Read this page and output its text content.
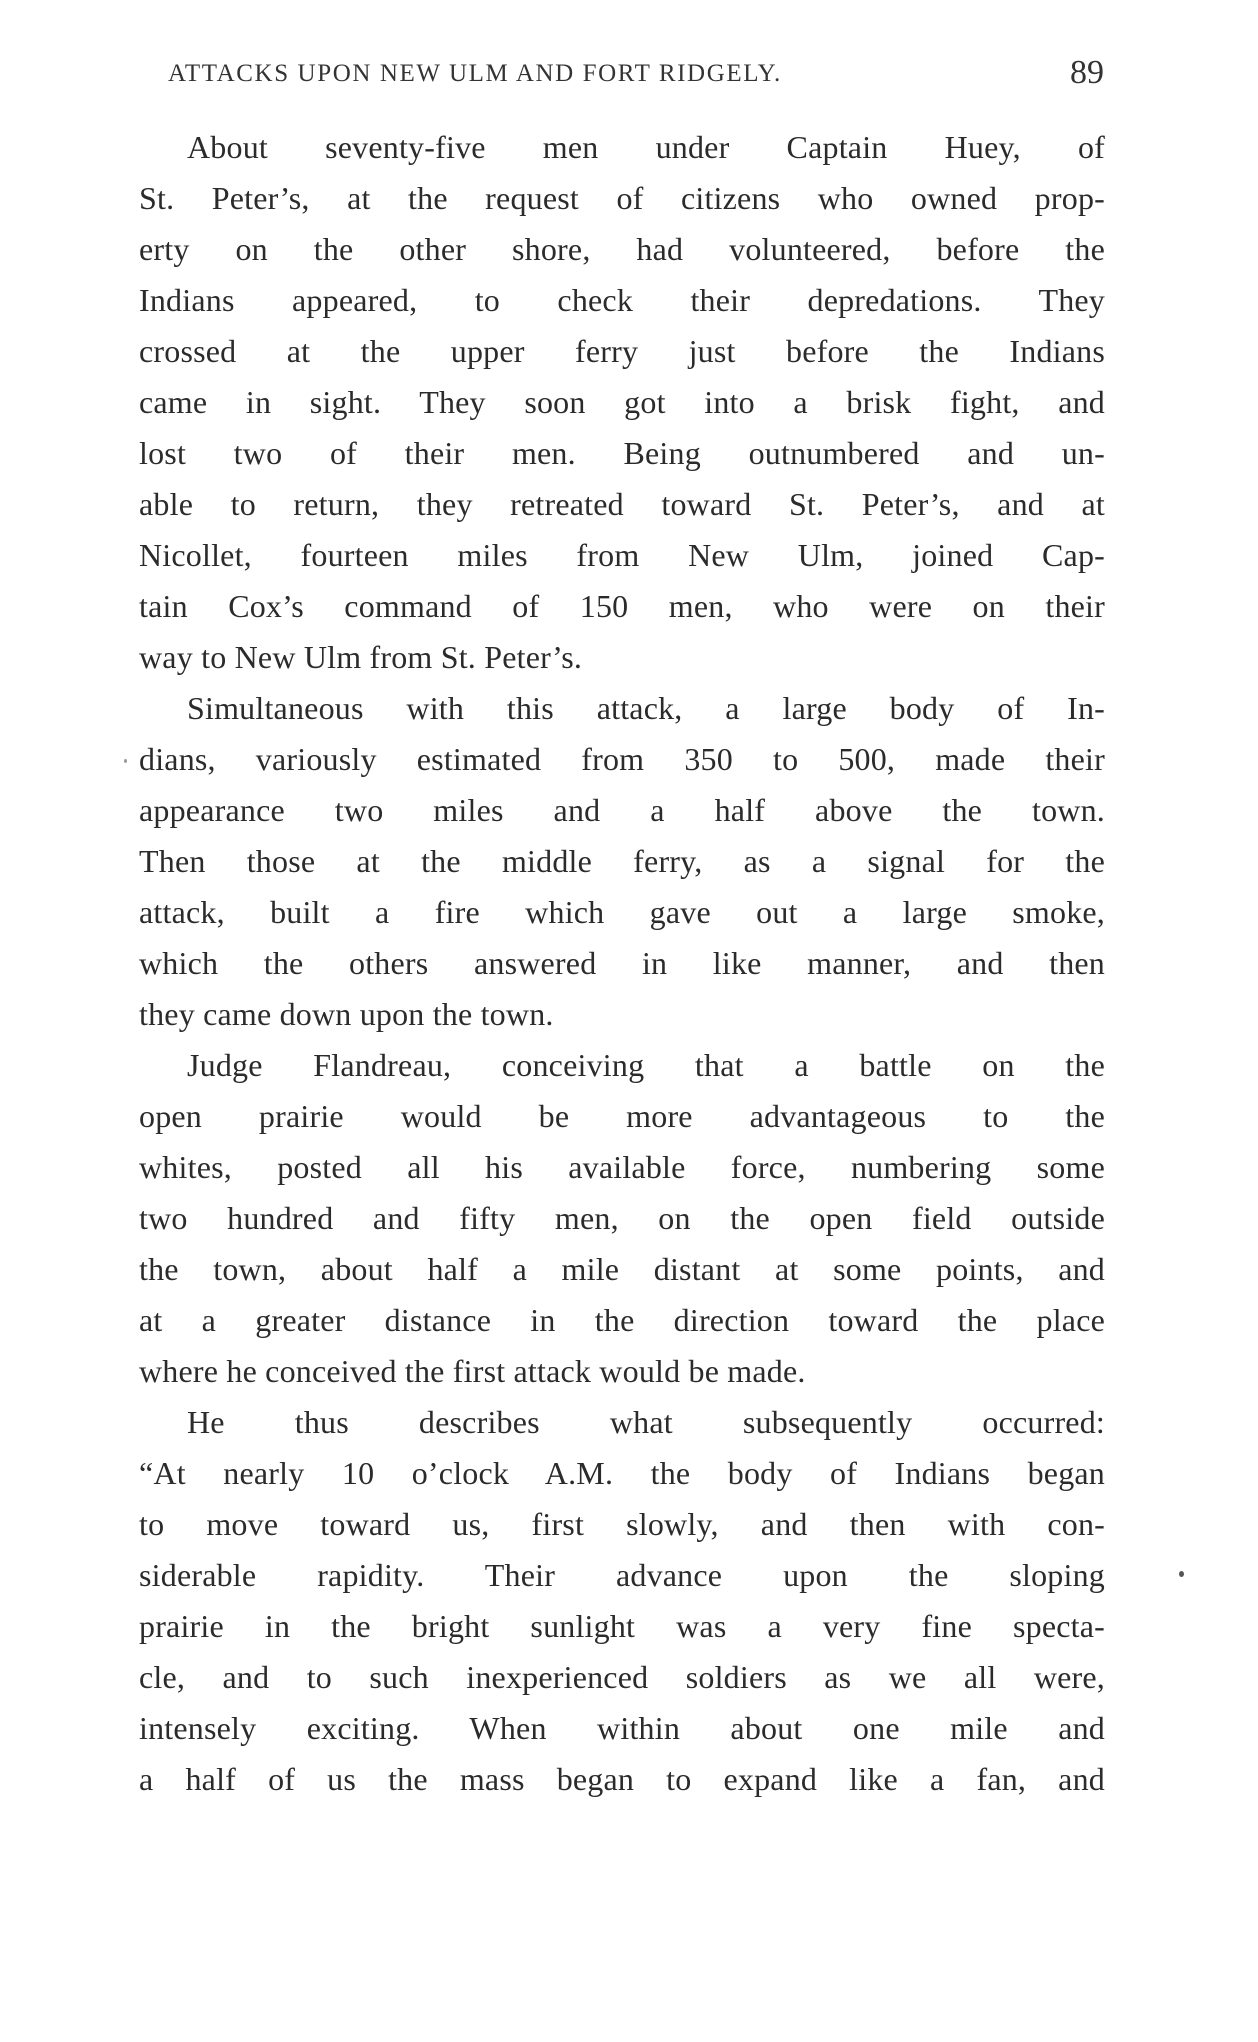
ATTACKS UPON NEW ULM AND FORT RIDGELY.	89
About seventy-five men under Captain Huey, of
St. Peter’s, at the request of citizens who owned prop-
erty on the other shore, had volunteered, before the
Indians appeared, to check their depredations. They
crossed at the upper ferry just before the Indians
came in sight. They soon got into a brisk fight, and
lost two of their men. Being outnumbered and un-
able to return, they retreated toward St. Peter’s, and at
Nicollet, fourteen miles from New Ulm, joined Cap-
tain Cox’s command of 150 men, who were on their
way to New Ulm from St. Peter’s.
Simultaneous with this attack, a large body of In-
dians, variously estimated from 350 to 500, made their
appearance two miles and a half above the town.
Then those at the middle ferry, as a signal for the
attack, built a fire which gave out a large smoke,
which the others answered in like manner, and then
they came down upon the town.
Judge Flandreau, conceiving that a battle on the
open prairie would be more advantageous to the
whites, posted all his available force, numbering some
two hundred and fifty men, on the open field outside
the town, about half a mile distant at some points, and
at a greater distance in the direction toward the place
where he conceived the first attack would be made.
He thus describes what subsequently occurred:
“At nearly 10 o’clock A.M. the body of Indians began
to move toward us, first slowly, and then with con-
siderable rapidity. Their advance upon the sloping
prairie in the bright sunlight was a very fine specta-
cle, and to such inexperienced soldiers as we all were,
intensely exciting. When within about one mile and
a half of us the mass began to expand like a fan, and
